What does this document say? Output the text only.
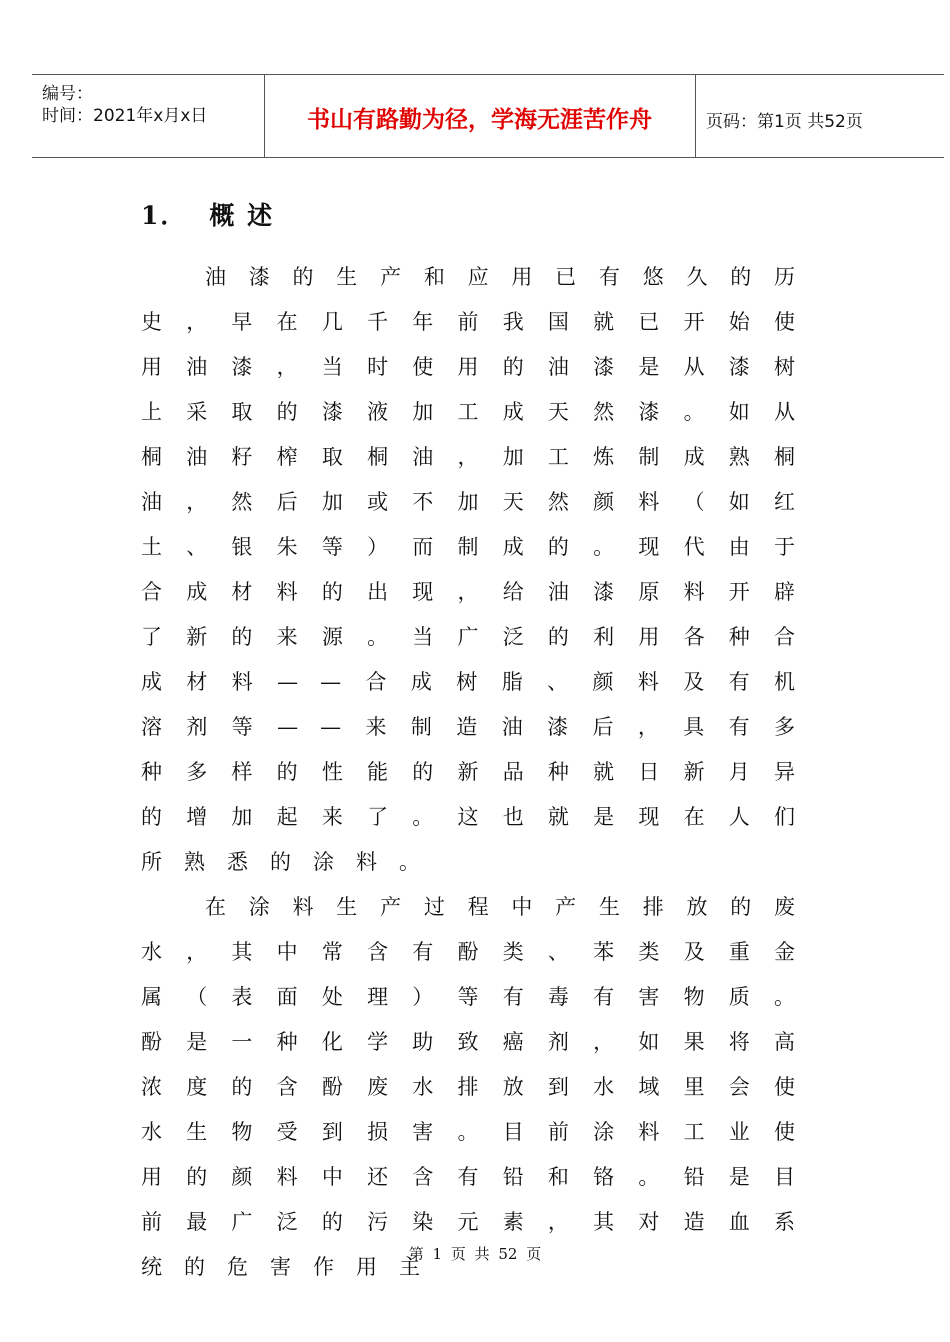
编号：
时间：2021年x月x日	书山有路勤为径，学海无涯苦作舟	页码：第1页 共52页
1． 概 述

油漆的生产和应用已有悠久的历史，早在几千年前我国就已开始使用油漆，当时使用的油漆是从漆树上采取的漆液加工成天然漆。如从桐油籽榨取桐油，加工炼制成熟桐油，然后加或不加天然颜料（如红土、银朱等）而制成的。现代由于合成材料的出现，给油漆原料开辟了新的来源。当广泛的利用各种合成材料——合成树脂、颜料及有机溶剂等——来制造油漆后，具有多种多样的性能的新品种就日新月异的增加起来了。这也就是现在人们所熟悉的涂料。

在涂料生产过程中产生排放的废水，其中常含有酚类、苯类及重金属（表面处理）等有毒有害物质。酚是一种化学助致癌剂，如果将高浓度的含酚废水排放到水域里会使水生物受到损害。目前涂料工业使用的颜料中还含有铅和铬。铅是目前最广泛的污染元素，其对造血系统的危害作用主

第 1 页 共 52 页
